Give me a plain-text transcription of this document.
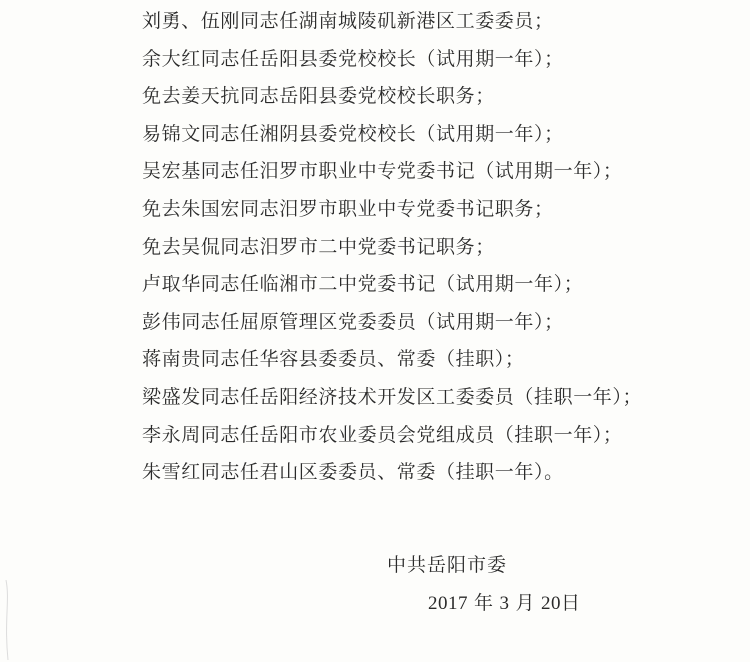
刘勇、伍刚同志任湖南城陵矶新港区工委委员；
余大红同志任岳阳县委党校校长（试用期一年）；
免去姜天抗同志岳阳县委党校校长职务；
易锦文同志任湘阴县委党校校长（试用期一年）；
吴宏基同志任汨罗市职业中专党委书记（试用期一年）；
免去朱国宏同志汨罗市职业中专党委书记职务；
免去吴侃同志汨罗市二中党委书记职务；
卢取华同志任临湘市二中党委书记（试用期一年）；
彭伟同志任屈原管理区党委委员（试用期一年）；
蒋南贵同志任华容县委委员、常委（挂职）；
梁盛发同志任岳阳经济技术开发区工委委员（挂职一年）；
李永周同志任岳阳市农业委员会党组成员（挂职一年）；
朱雪红同志任君山区委委员、常委（挂职一年）。
中共岳阳市委
2017 年 3 月 20日
